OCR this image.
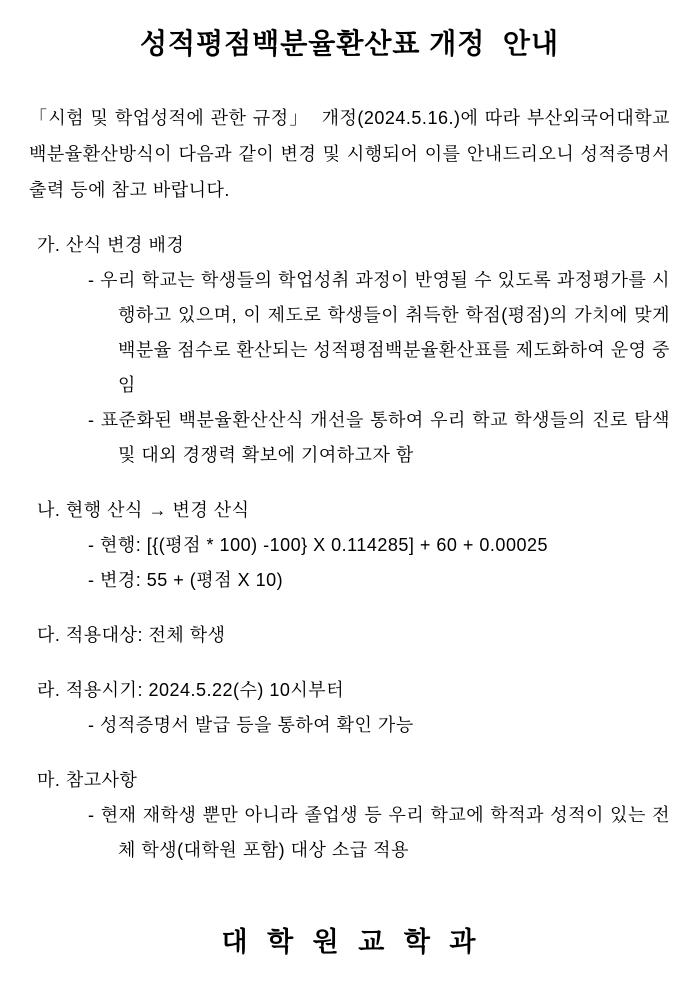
성적평점백분율환산표 개정  안내
「시험 및 학업성적에 관한 규정」  개정(2024.5.16.)에 따라 부산외국어대학교 백분율환산방식이 다음과 같이 변경 및 시행되어 이를 안내드리오니 성적증명서 출력 등에 참고 바랍니다.
가. 산식 변경 배경
- 우리 학교는 학생들의 학업성취 과정이 반영될 수 있도록 과정평가를 시행하고 있으며, 이 제도로 학생들이 취득한 학점(평점)의 가치에 맞게 백분율 점수로 환산되는 성적평점백분율환산표를 제도화하여 운영 중임
- 표준화된 백분율환산산식 개선을 통하여 우리 학교 학생들의 진로 탐색 및 대외 경쟁력 확보에 기여하고자 함
나. 현행 산식 → 변경 산식
- 현행: [{(평점 * 100) -100} X 0.114285] + 60 + 0.00025
- 변경: 55 + (평점 X 10)
다. 적용대상: 전체 학생
라. 적용시기: 2024.5.22(수) 10시부터
- 성적증명서 발급 등을 통하여 확인 가능
마. 참고사항
- 현재 재학생 뿐만 아니라 졸업생 등 우리 학교에 학적과 성적이 있는 전체 학생(대학원 포함) 대상 소급 적용
대 학 원 교 학 과
